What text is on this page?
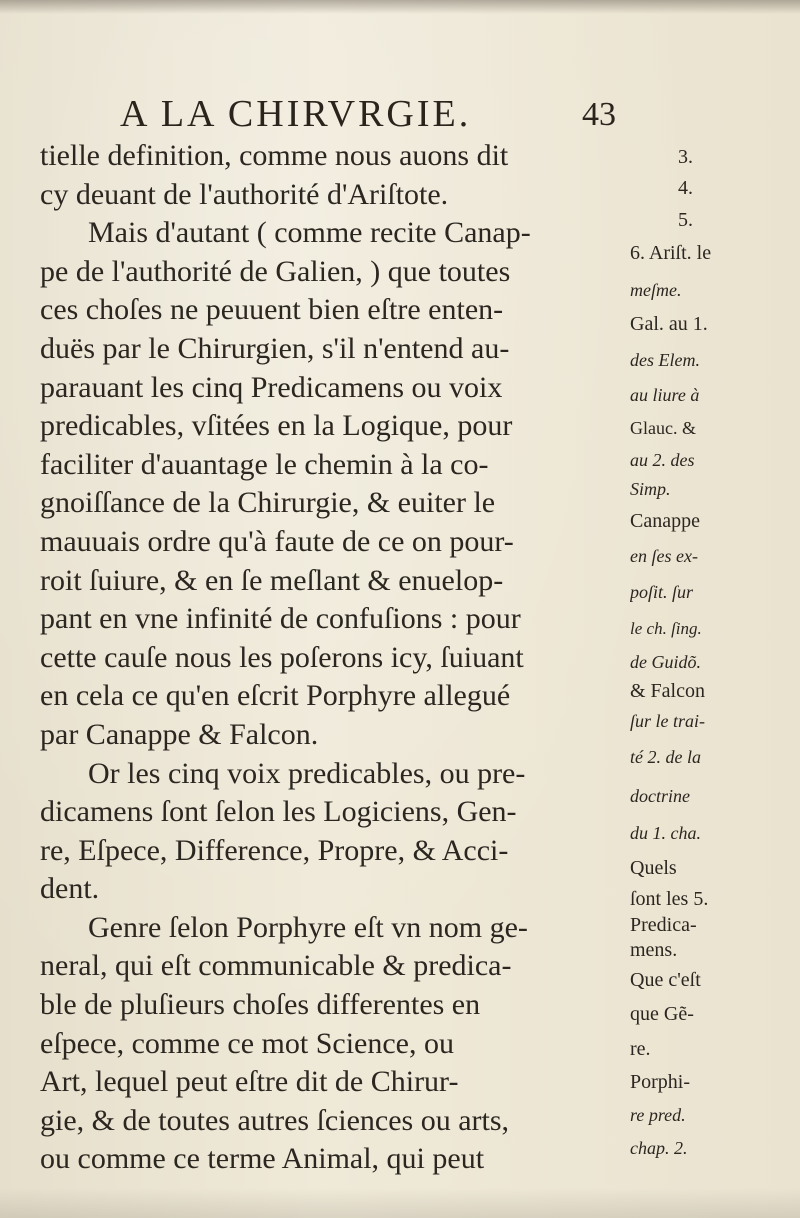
A LA CHIRVRGIE.	43
tielle definition, comme nous auons dit
cy deuant de l'authorité d'Ariſtote.
Mais d'autant ( comme recite Canap-
pe de l'authorité de Galien, ) que toutes
ces choſes ne peuuent bien eſtre enten-
duës par le Chirurgien, s'il n'entend au-
parauant les cinq Predicamens ou voix
predicables, vſitées en la Logique, pour
faciliter d'auantage le chemin à la co-
gnoiſſance de la Chirurgie, & euiter le
mauuais ordre qu'à faute de ce on pour-
roit ſuiure, & en ſe meſlant & enuelop-
pant en vne infinité de confuſions : pour
cette cauſe nous les poſerons icy, ſuiuant
en cela ce qu'en eſcrit Porphyre allegué
par Canappe & Falcon.
Or les cinq voix predicables, ou pre-
dicamens ſont ſelon les Logiciens, Gen-
re, Eſpece, Difference, Propre, & Acci-
dent.
Genre ſelon Porphyre eſt vn nom ge-
neral, qui eſt communicable & predica-
ble de pluſieurs choſes differentes en
eſpece, comme ce mot Science, ou
Art, lequel peut eſtre dit de Chirur-
gie, & de toutes autres ſciences ou arts,
ou comme ce terme Animal, qui peut
3.
4.
5.
6. Ariſt. le
meſme.
Gal. au 1.
des Elem.
au liure à
Glauc. &
au 2. des
Simp.
Canappe
en ſes ex-
poſit. ſur
le ch. ſing.
de Guidõ.
& Falcon
ſur le trai-
té 2. de la
doctrine
du 1. cha.
Quels
ſont les 5.
Predica-
mens.
Que c'eſt
que Gẽ-
re.
Porphi-
re pred.
chap. 2.
